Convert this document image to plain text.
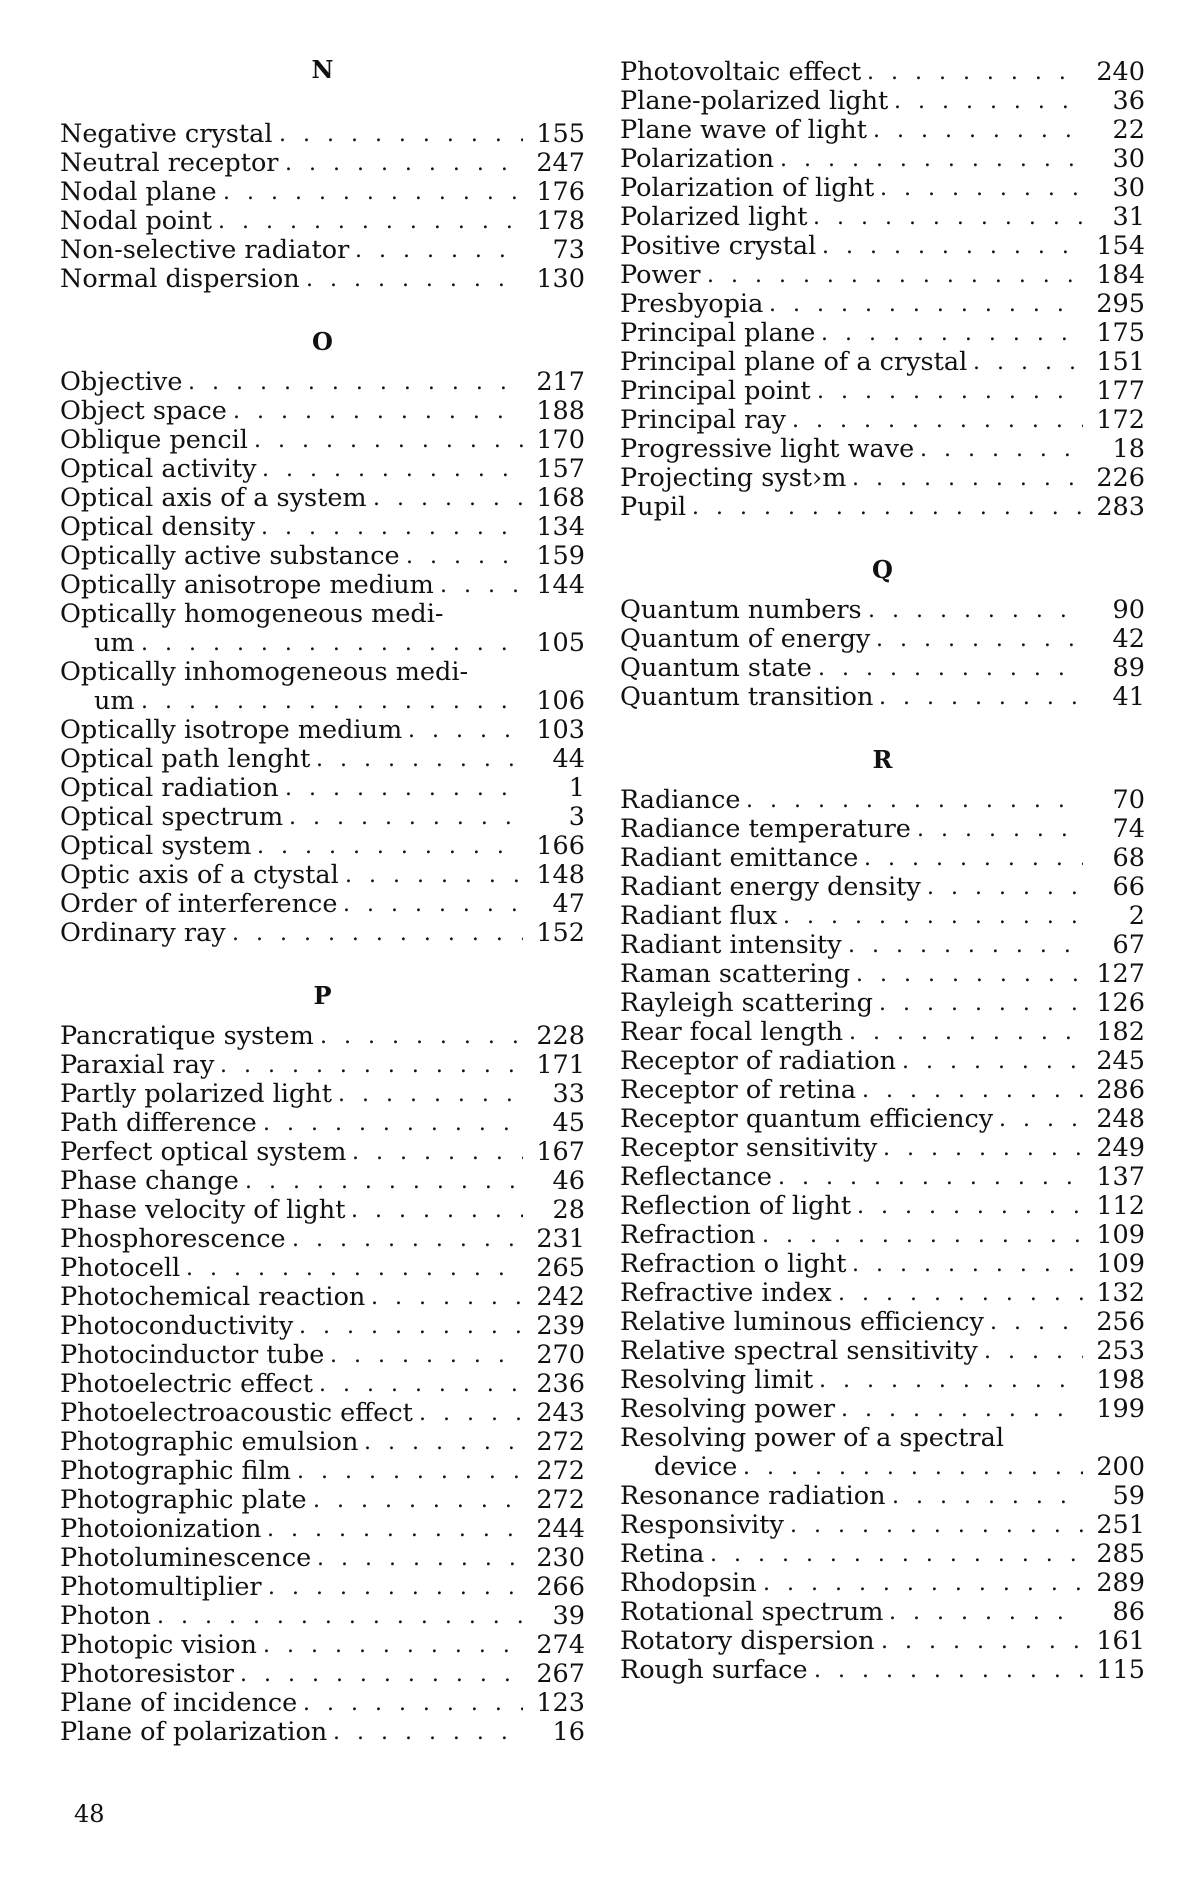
N
Negative crystal	155
. . .
Neutral receptor	247
. . .
Nodal plane	176
. . .
Nodal point	178
. . .
Non-selective radiator	73
. . .
Normal dispersion	130
. . .
O
Objective	217
. . .
Object space	188
. . .
Oblique pencil	170
. . .
Optical activity	157
. . .
Optical axis of a system	168
. . .
Optical density	134
. . .
Optically active substance	159
. . .
Optically anisotrope medium	144
. . .
Optically homogeneous medi-
um	105
. . .
Optically inhomogeneous medi-
um	106
. . .
Optically isotrope medium	103
. . .
Optical path lenght	44
. . .
Optical radiation	1
. . .
Optical spectrum	3
. . .
Optical system	166
. . .
Optic axis of a ctystal	148
. . .
Order of interference	47
. . .
Ordinary ray	152
. . .
P
Pancratique system	228
. . .
Paraxial ray	171
. . .
Partly polarized light	33
. . .
Path difference	45
. . .
Perfect optical system	167
. . .
Phase change	46
. . .
Phase velocity of light	28
. . .
Phosphorescence	231
. . .
Photocell	265
. . .
Photochemical reaction	242
. . .
Photoconductivity	239
. . .
Photocinductor tube	270
. . .
Photoelectric effect	236
. . .
Photoelectroacoustic effect	243
. . .
Photographic emulsion	272
. . .
Photographic film	272
. . .
Photographic plate	272
. . .
Photoionization	244
. . .
Photoluminescence	230
. . .
Photomultiplier	266
. . .
Photon	39
. . .
Photopic vision	274
. . .
Photoresistor	267
. . .
Plane of incidence	123
. . .
Plane of polarization	16
. . .
Photovoltaic effect	240
. . .
Plane-polarized light	36
. . .
Plane wave of light	22
. . .
Polarization	30
. . .
Polarization of light	30
. . .
Polarized light	31
. . .
Positive crystal	154
. . .
Power	184
. . .
Presbyopia	295
. . .
Principal plane	175
. . .
Principal plane of a crystal	151
. . .
Principal point	177
. . .
Principal ray	172
. . .
Progressive light wave	18
. . .
Projecting syst›m	226
. . .
Pupil	283
. . .
Q
Quantum numbers	90
. . .
Quantum of energy	42
. . .
Quantum state	89
. . .
Quantum transition	41
. . .
R
Radiance	70
. . .
Radiance temperature	74
. . .
Radiant emittance	68
. . .
Radiant energy density	66
. . .
Radiant flux	2
. . .
Radiant intensity	67
. . .
Raman scattering	127
. . .
Rayleigh scattering	126
. . .
Rear focal length	182
. . .
Receptor of radiation	245
. . .
Receptor of retina	286
. . .
Receptor quantum efficiency	248
. . .
Receptor sensitivity	249
. . .
Reflectance	137
. . .
Reflection of light	112
. . .
Refraction	109
. . .
Refraction o light	109
. . .
Refractive index	132
. . .
Relative luminous efficiency	256
. . .
Relative spectral sensitivity	253
. . .
Resolving limit	198
. . .
Resolving power	199
. . .
Resolving power of a spectral
device	200
. . .
Resonance radiation	59
. . .
Responsivity	251
. . .
Retina	285
. . .
Rhodopsin	289
. . .
Rotational spectrum	86
. . .
Rotatory dispersion	161
. . .
Rough surface	115
. . .
48
